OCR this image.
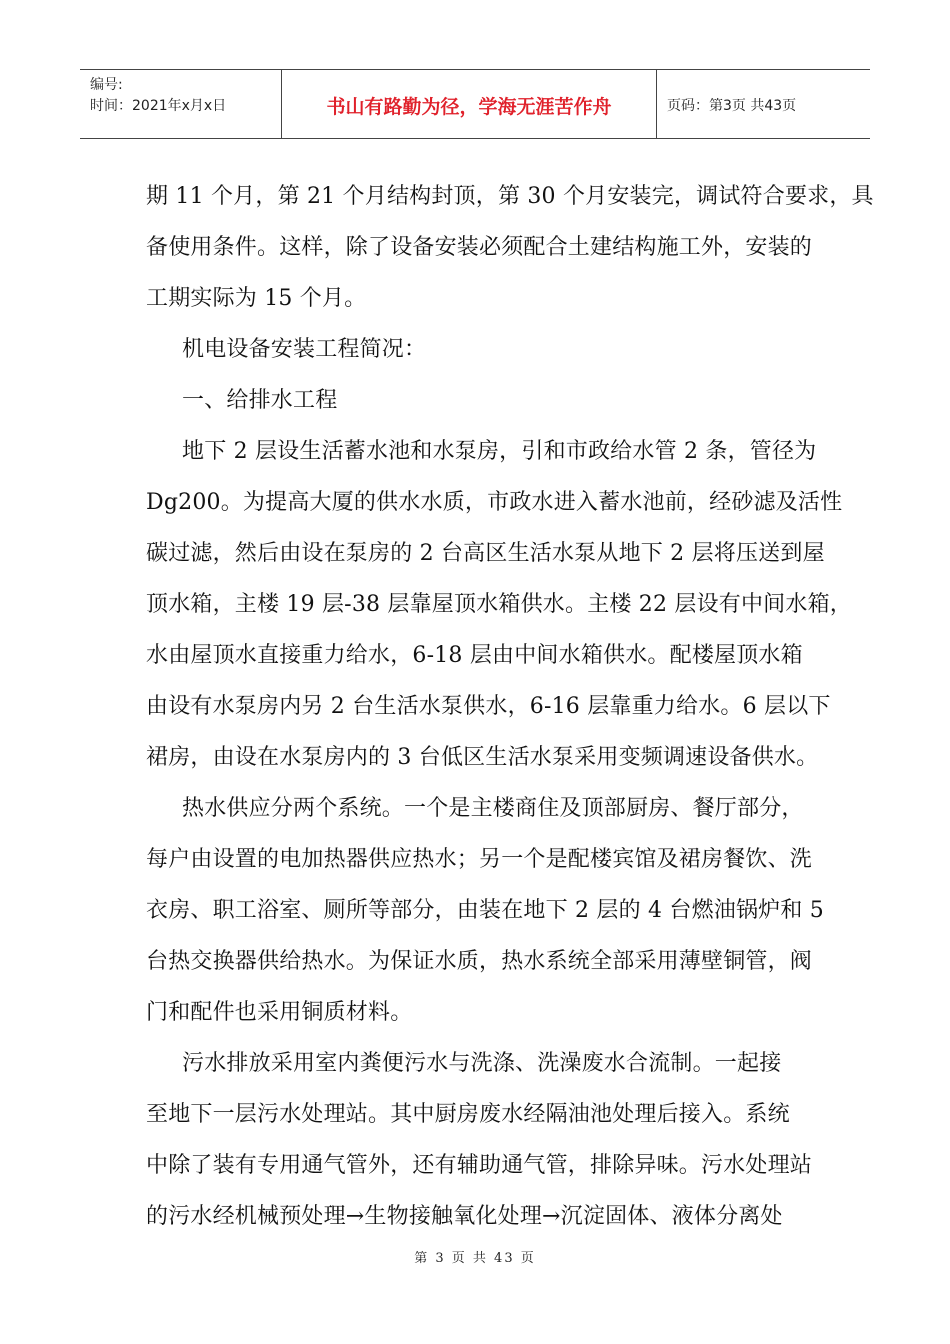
编号:
时间：2021年x月x日	书山有路勤为径，学海无涯苦作舟	页码：第3页 共43页

期 11 个月，第 21 个月结构封顶，第 30 个月安装完，调试符合要求，具
备使用条件。这样，除了设备安装必须配合土建结构施工外，安装的
工期实际为 15 个月。

机电设备安装工程简况：

一、给排水工程

地下 2 层设生活蓄水池和水泵房，引和市政给水管 2 条，管径为
Dg200。为提高大厦的供水水质，市政水进入蓄水池前，经砂滤及活性
碳过滤，然后由设在泵房的 2 台高区生活水泵从地下 2 层将压送到屋
顶水箱，主楼 19 层-38 层靠屋顶水箱供水。主楼 22 层设有中间水箱，
水由屋顶水直接重力给水，6-18 层由中间水箱供水。配楼屋顶水箱
由设有水泵房内另 2 台生活水泵供水，6-16 层靠重力给水。6 层以下
裙房，由设在水泵房内的 3 台低区生活水泵采用变频调速设备供水。

热水供应分两个系统。一个是主楼商住及顶部厨房、餐厅部分，
每户由设置的电加热器供应热水；另一个是配楼宾馆及裙房餐饮、洗
衣房、职工浴室、厕所等部分，由装在地下 2 层的 4 台燃油锅炉和 5
台热交换器供给热水。为保证水质，热水系统全部采用薄壁铜管，阀
门和配件也采用铜质材料。

污水排放采用室内粪便污水与洗涤、洗澡废水合流制。一起接
至地下一层污水处理站。其中厨房废水经隔油池处理后接入。系统
中除了装有专用通气管外，还有辅助通气管，排除异味。污水处理站
的污水经机械预处理→生物接触氧化处理→沉淀固体、液体分离处

第 3 页 共 43 页
